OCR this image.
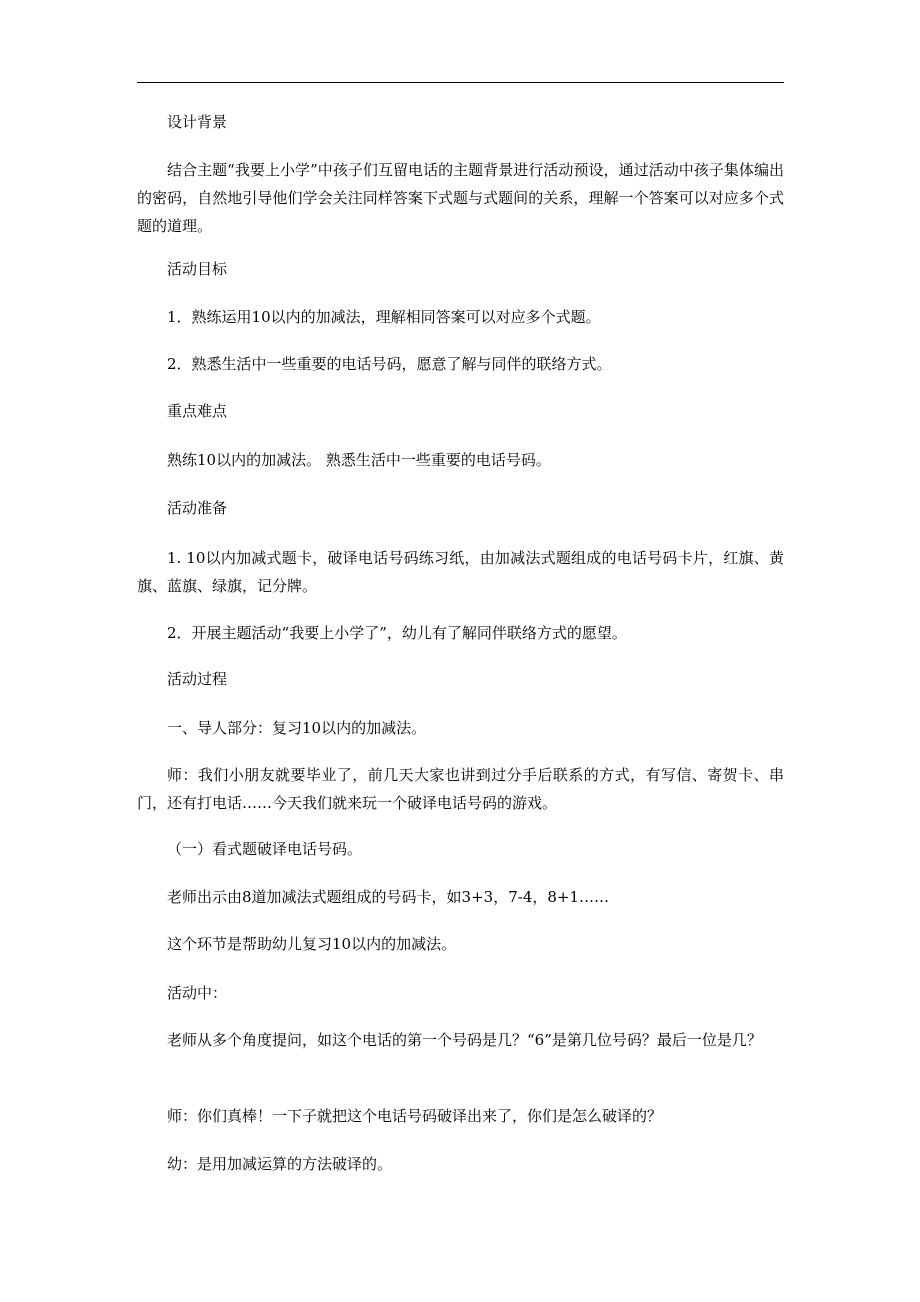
设计背景

结合主题“我要上小学”中孩子们互留电话的主题背景进行活动预设，通过活动中孩子集体编出的密码，自然地引导他们学会关注同样答案下式题与式题间的关系，理解一个答案可以对应多个式题的道理。

活动目标

1．熟练运用10以内的加减法，理解相同答案可以对应多个式题。

2．熟悉生活中一些重要的电话号码，愿意了解与同伴的联络方式。

重点难点

熟练10以内的加减法。 熟悉生活中一些重要的电话号码。

活动准备

1. 10以内加减式题卡，破译电话号码练习纸，由加减法式题组成的电话号码卡片，红旗、黄旗、蓝旗、绿旗，记分牌。

2．开展主题活动“我要上小学了”，幼儿有了解同伴联络方式的愿望。

活动过程

一、导人部分：复习10以内的加减法。

师：我们小朋友就要毕业了，前几天大家也讲到过分手后联系的方式，有写信、寄贺卡、串门，还有打电话……今天我们就来玩一个破译电话号码的游戏。

（一）看式题破译电话号码。

老师出示由8道加减法式题组成的号码卡，如3+3，7-4，8+1……

这个环节是帮助幼儿复习10以内的加减法。

活动中：

老师从多个角度提问，如这个电话的第一个号码是几？“6”是第几位号码？最后一位是几？

师：你们真棒！一下子就把这个电话号码破译出来了，你们是怎么破译的？

幼：是用加减运算的方法破译的。
